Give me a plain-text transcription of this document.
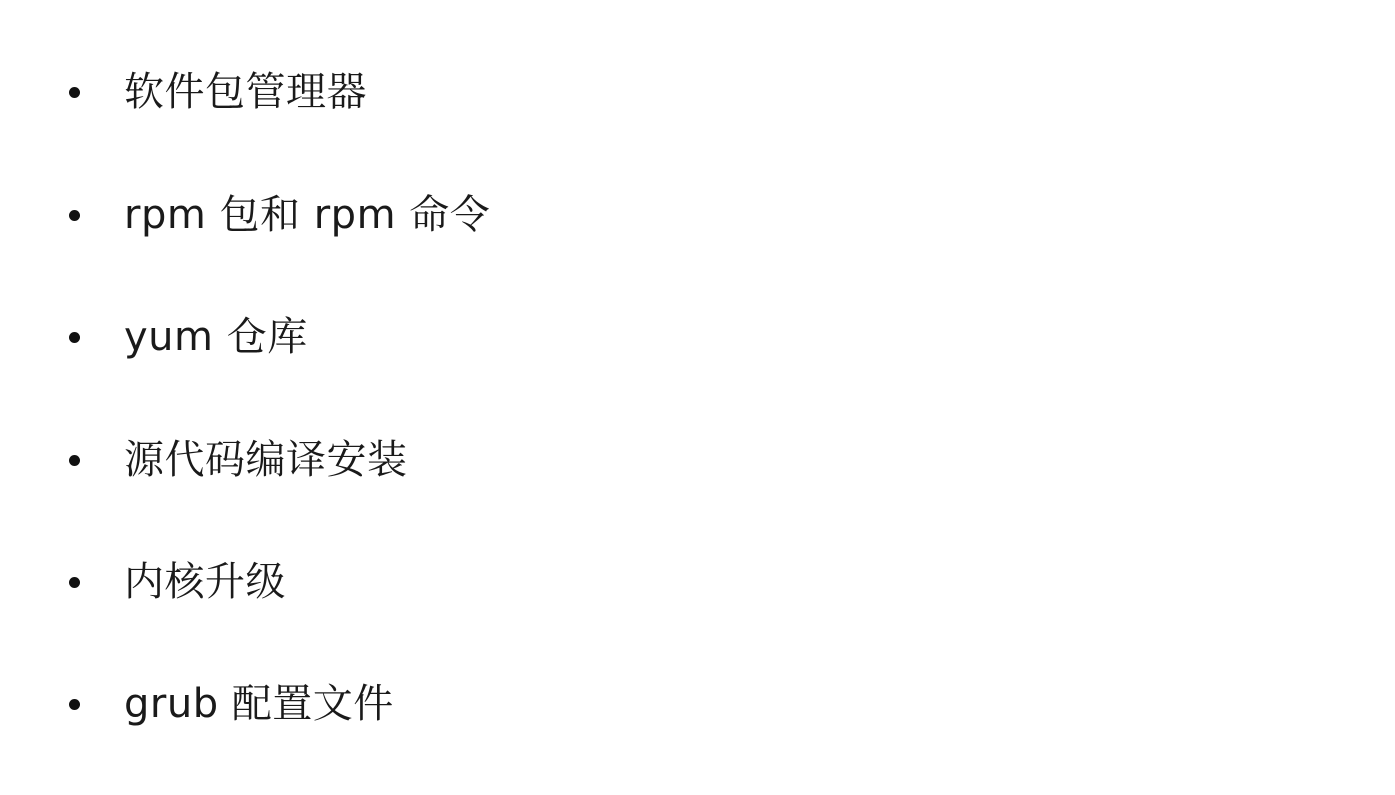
软件包管理器
rpm 包和 rpm 命令
yum 仓库
源代码编译安装
内核升级
grub 配置文件
